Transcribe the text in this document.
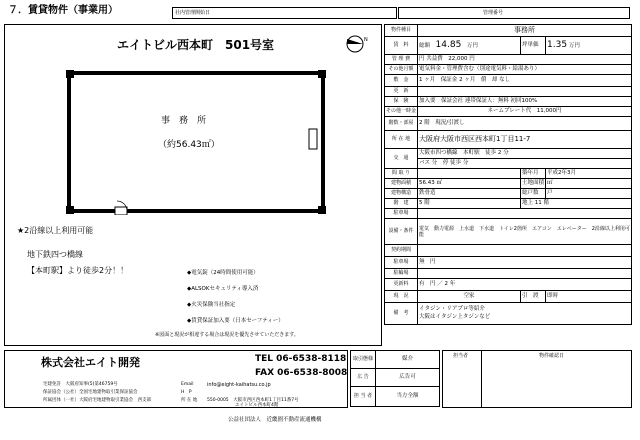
７．賃貸物件（事業用）	社内管理開始日	管理番号
エイトビル西本町　501号室	N
事　務　所
（約56.43㎡）
★2沿線以上利用可能
地下鉄四つ橋線
【本町駅】より徒歩2分！！	◆電気錠（24時間使用可能）
◆ALSOKセキュリティ導入済
◆火災保険当社指定
◆賃貸保証加入要（日本セーフティー）
※図面と現況が相違する場合は現況を優先させていただきます。
株式会社エイト開発	TEL 06-6538-8118
FAX 06-6538-8008
宅建免許　大阪府知事(5)第46759号
保証協会（公社）全国宅地建物取引業保証協会
所属団体（一社）大阪府宅地建物取引業協会　西支部
Email	info@eight-kaihatsu.co.jp
H　P
所 在 地 550-0005　大阪市西区西本町1丁目11番7号
エイトビル西本町4階
公益社団法人　近畿圏不動産流通機構
取引態様	媒介
広 告	広告可
担 当 者	当方全額
担当者	物件確認日
物件種目	事務所		
賃　料	総額　 14.85　 万円	坪単価	1.35 万円
管 理 費	円 共益費　 22,000 円		
その他月額	電気料金・管理費含む（別途電気料・給湯あり）		
敷　金	1 ヶ月　 保証金 2 ヶ月　 償　却 なし		
更　新			
保　険	加入要　 保証会社 連帯保証人：無料 初回100%		
その他一時金	ネームプレート代　11,000円		
階数・部屋	2 階　 現況/引渡し		
所 在 地	大阪府大阪市西区西本町1丁目11-7		
交　通	大阪市四つ橋線　 本町駅　 徒歩 2 分		
	バス 分　 停 徒歩 分		
間 取 り		築年月	平成2年3月
建物面積	56.43 ㎡	土地面積	㎡
建物構造	鉄骨造	総戸数	戸
階　建	5 階	地上 11 階	
駐車場			
設備・条件	電気　動力電源　上水道　下水道　トイレ2箇所　エアコン　エレベーター　2沿線以上利用可能		
契約期間			
駐車場	無　 円		
駐輪場			
更新料	有　 円 ／ 2 年		
現　況	空家	引　渡	即時
備　考	イタジン・リアプロ等紹介
大阪はイタジン上タジンなど		
